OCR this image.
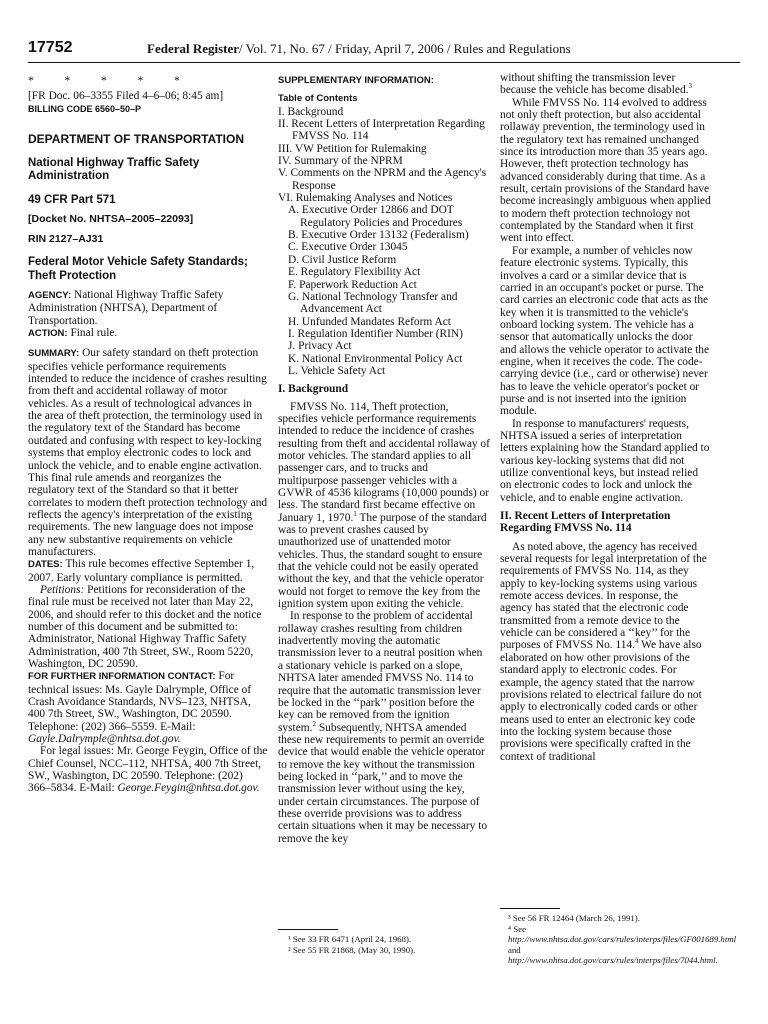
17752	Federal Register/ Vol. 71, No. 67 / Friday, April 7, 2006 / Rules and Regulations
* * * * *
[FR Doc. 06–3355 Filed 4–6–06; 8:45 am]
BILLING CODE 6560–50–P
DEPARTMENT OF TRANSPORTATION
National Highway Traffic Safety Administration
49 CFR Part 571
[Docket No. NHTSA–2005–22093]
RIN 2127–AJ31
Federal Motor Vehicle Safety Standards; Theft Protection

AGENCY: National Highway Traffic Safety Administration (NHTSA), Department of Transportation.

ACTION: Final rule.

SUMMARY: Our safety standard on theft protection specifies vehicle performance requirements intended to reduce the incidence of crashes resulting from theft and accidental rollaway of motor vehicles. As a result of technological advances in the area of theft protection, the terminology used in the regulatory text of the Standard has become outdated and confusing with respect to key-locking systems that employ electronic codes to lock and unlock the vehicle, and to enable engine activation. This final rule amends and reorganizes the regulatory text of the Standard so that it better correlates to modern theft protection technology and reflects the agency's interpretation of the existing requirements. The new language does not impose any new substantive requirements on vehicle manufacturers.

DATES: This rule becomes effective September 1, 2007. Early voluntary compliance is permitted.

Petitions: Petitions for reconsideration of the final rule must be received not later than May 22, 2006, and should refer to this docket and the notice number of this document and be submitted to: Administrator, National Highway Traffic Safety Administration, 400 7th Street, SW., Room 5220, Washington, DC 20590.

FOR FURTHER INFORMATION CONTACT: For technical issues: Ms. Gayle Dalrymple, Office of Crash Avoidance Standards, NVS–123, NHTSA, 400 7th Street, SW., Washington, DC 20590. Telephone: (202) 366–5559. E-Mail: Gayle.Dalrymple@nhtsa.dot.gov.

For legal issues: Mr. George Feygin, Office of the Chief Counsel, NCC–112, NHTSA, 400 7th Street, SW., Washington, DC 20590. Telephone: (202) 366–5834. E-Mail: George.Feygin@nhtsa.dot.gov.

SUPPLEMENTARY INFORMATION:
Table of Contents
I. Background
II. Recent Letters of Interpretation Regarding FMVSS No. 114
III. VW Petition for Rulemaking
IV. Summary of the NPRM
V. Comments on the NPRM and the Agency's Response
VI. Rulemaking Analyses and Notices
A. Executive Order 12866 and DOT Regulatory Policies and Procedures
B. Executive Order 13132 (Federalism)
C. Executive Order 13045
D. Civil Justice Reform
E. Regulatory Flexibility Act
F. Paperwork Reduction Act
G. National Technology Transfer and Advancement Act
H. Unfunded Mandates Reform Act
I. Regulation Identifier Number (RIN)
J. Privacy Act
K. National Environmental Policy Act
L. Vehicle Safety Act
I. Background

FMVSS No. 114, Theft protection, specifies vehicle performance requirements intended to reduce the incidence of crashes resulting from theft and accidental rollaway of motor vehicles. The standard applies to all passenger cars, and to trucks and multipurpose passenger vehicles with a GVWR of 4536 kilograms (10,000 pounds) or less. The standard first became effective on January 1, 1970.$^1$ The purpose of the standard was to prevent crashes caused by unauthorized use of unattended motor vehicles. Thus, the standard sought to ensure that the vehicle could not be easily operated without the key, and that the vehicle operator would not forget to remove the key from the ignition system upon exiting the vehicle.

In response to the problem of accidental rollaway crashes resulting from children inadvertently moving the automatic transmission lever to a neutral position when a stationary vehicle is parked on a slope, NHTSA later amended FMVSS No. 114 to require that the automatic transmission lever be locked in the ‘‘park’’ position before the key can be removed from the ignition system.$^2$ Subsequently, NHTSA amended these new requirements to permit an override device that would enable the vehicle operator to remove the key without the transmission being locked in ‘‘park,’’ and to move the transmission lever without using the key, under certain circumstances. The purpose of these override provisions was to address certain situations when it may be necessary to remove the key

¹ See 33 FR 6471 (April 24, 1968).
² See 55 FR 21868, (May 30, 1990).

without shifting the transmission lever because the vehicle has become disabled.$^3$

While FMVSS No. 114 evolved to address not only theft protection, but also accidental rollaway prevention, the terminology used in the regulatory text has remained unchanged since its introduction more than 35 years ago. However, theft protection technology has advanced considerably during that time. As a result, certain provisions of the Standard have become increasingly ambiguous when applied to modern theft protection technology not contemplated by the Standard when it first went into effect.

For example, a number of vehicles now feature electronic systems. Typically, this involves a card or a similar device that is carried in an occupant's pocket or purse. The card carries an electronic code that acts as the key when it is transmitted to the vehicle's onboard locking system. The vehicle has a sensor that automatically unlocks the door and allows the vehicle operator to activate the engine, when it receives the code. The code-carrying device (i.e., card or otherwise) never has to leave the vehicle operator's pocket or purse and is not inserted into the ignition module.

In response to manufacturers' requests, NHTSA issued a series of interpretation letters explaining how the Standard applied to various key-locking systems that did not utilize conventional keys, but instead relied on electronic codes to lock and unlock the vehicle, and to enable engine activation.

II. Recent Letters of Interpretation Regarding FMVSS No. 114

As noted above, the agency has received several requests for legal interpretation of the requirements of FMVSS No. 114, as they apply to key-locking systems using various remote access devices. In response, the agency has stated that the electronic code transmitted from a remote device to the vehicle can be considered a ‘‘key’’ for the purposes of FMVSS No. 114.$^4$ We have also elaborated on how other provisions of the standard apply to electronic codes. For example, the agency stated that the narrow provisions related to electrical failure do not apply to electronically coded cards or other means used to enter an electronic key code into the locking system because those provisions were specifically crafted in the context of traditional

³ See 56 FR 12464 (March 26, 1991).
⁴ See http://www.nhtsa.dot.gov/cars/rules/interps/files/GF001689.html and http://www.nhtsa.dot.gov/cars/rules/interps/files/7044.html.
